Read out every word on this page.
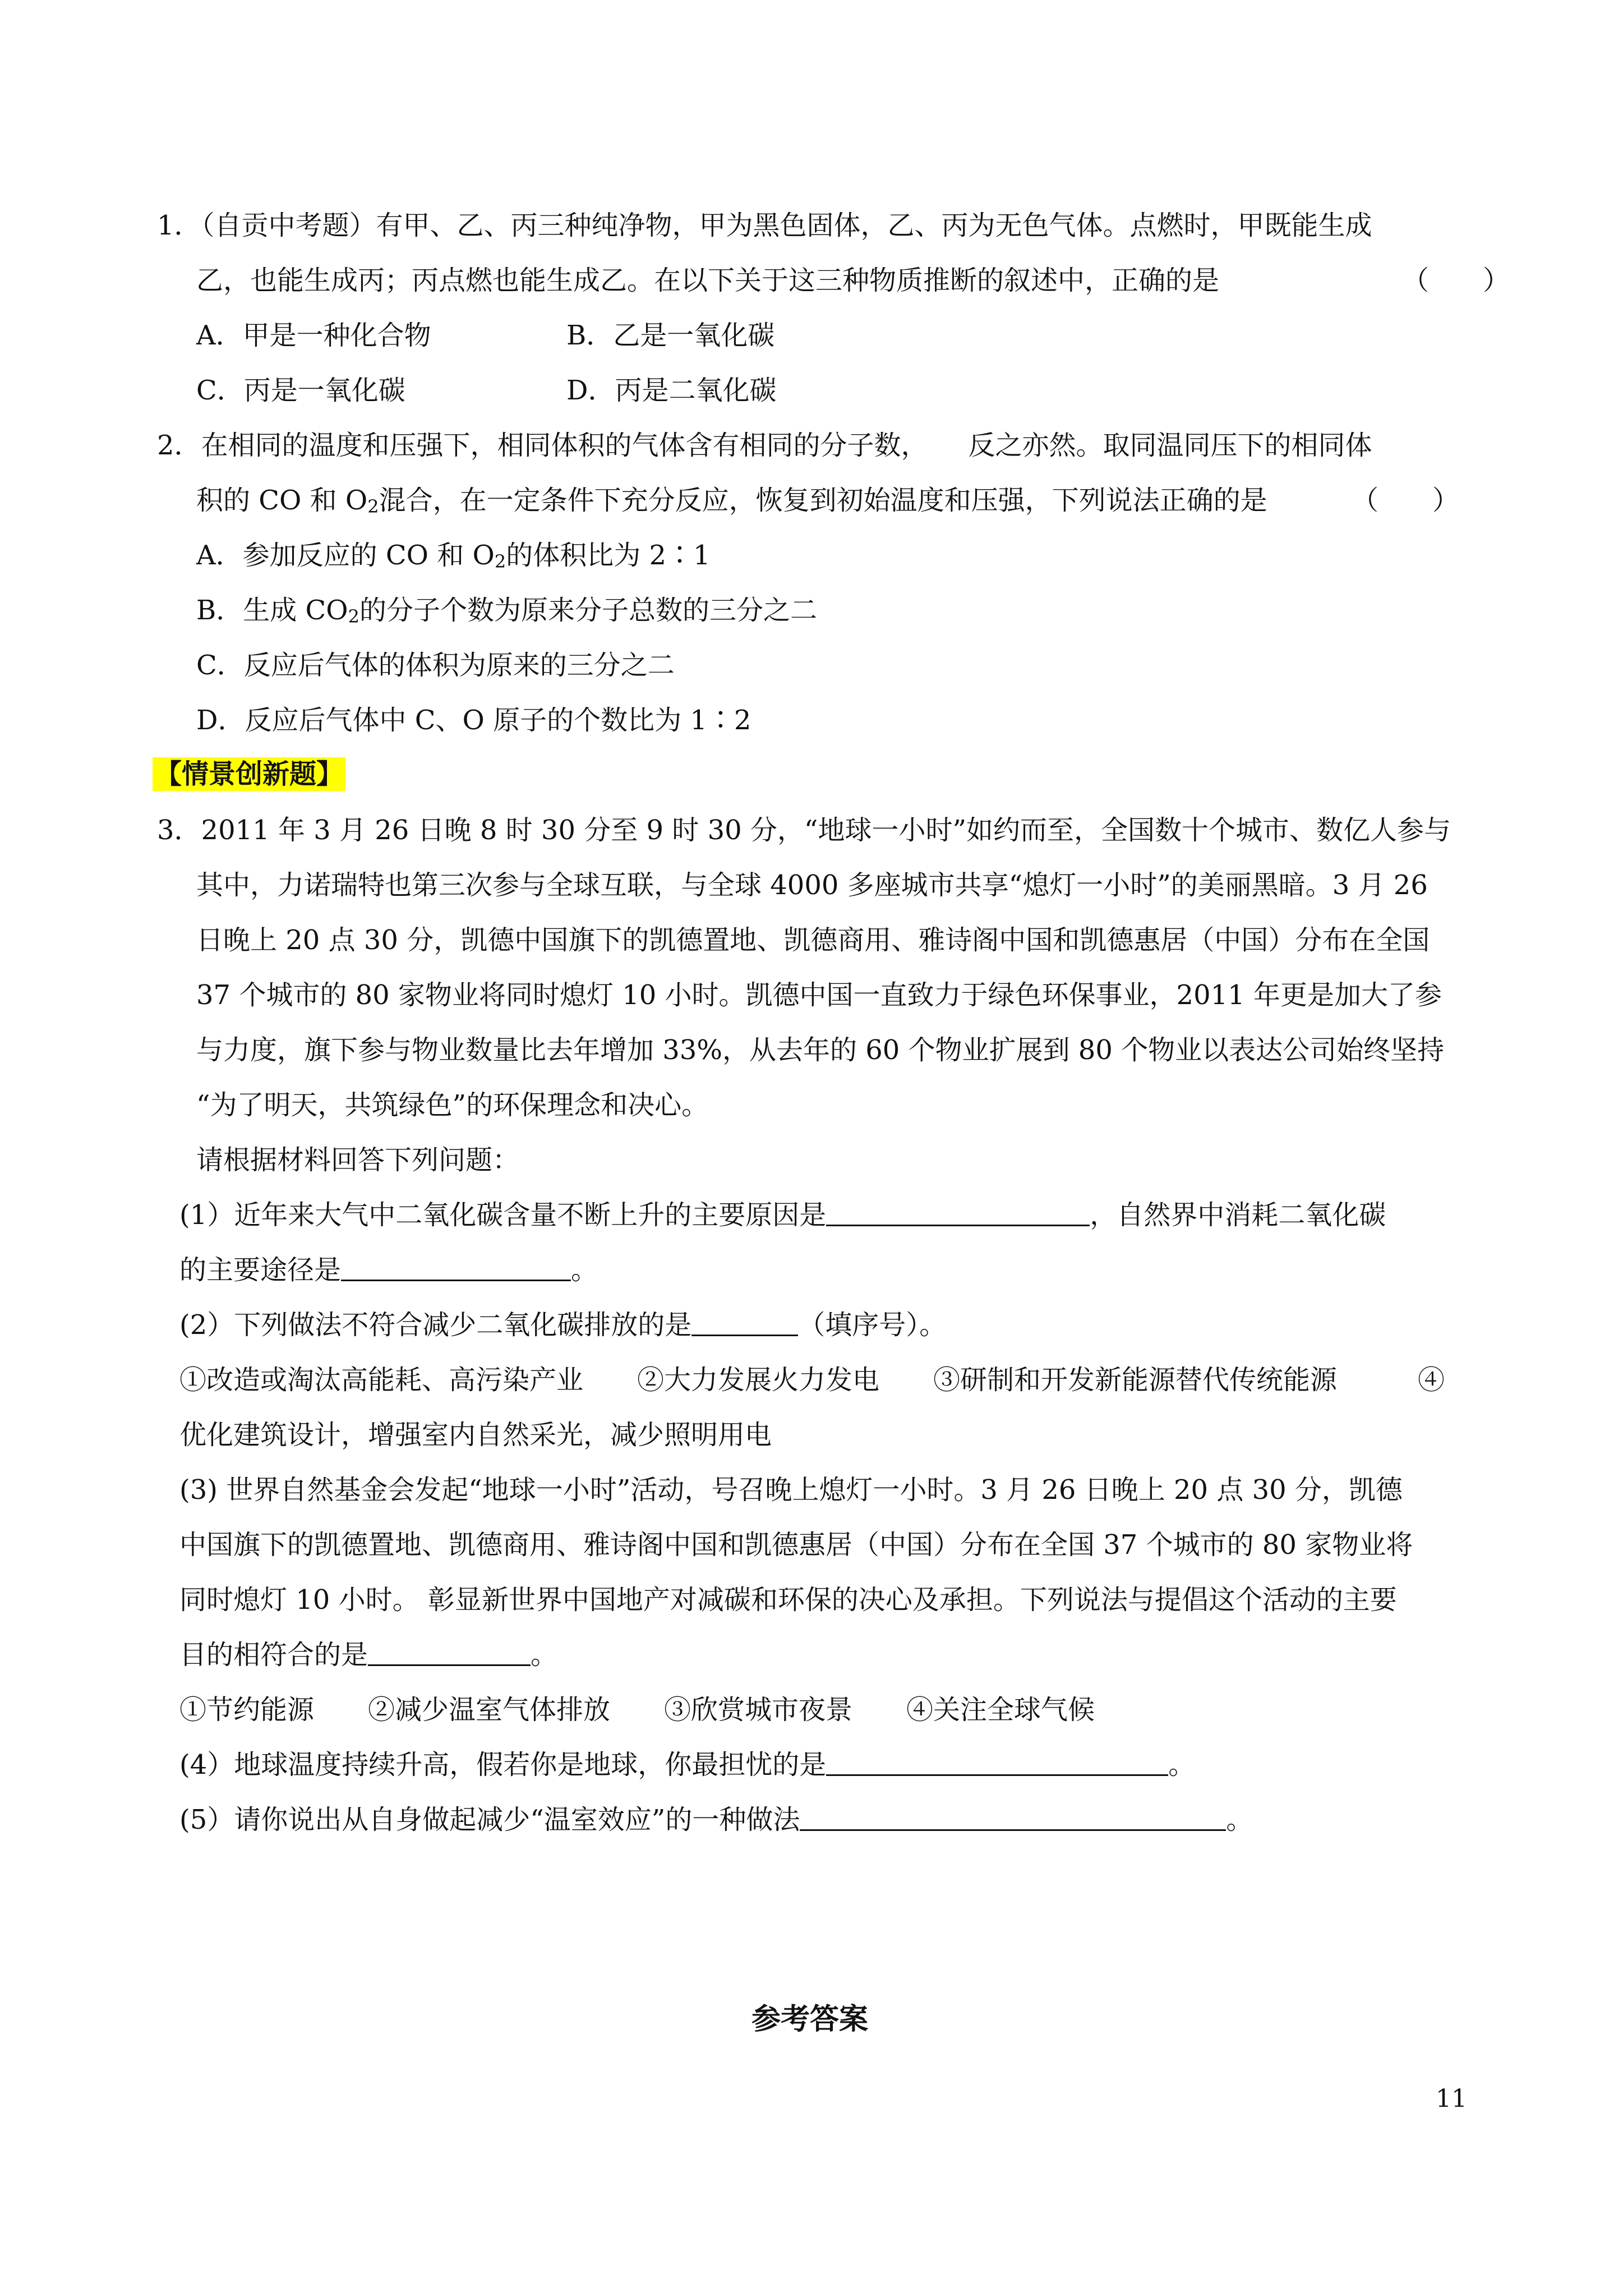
1．（自贡中考题）有甲、乙、丙三种纯净物，甲为黑色固体，乙、丙为无色气体。点燃时，甲既能生成
乙，也能生成丙；丙点燃也能生成乙。在以下关于这三种物质推断的叙述中，正确的是	（　　）
A．甲是一种化合物	B．乙是一氧化碳
C．丙是一氧化碳	D．丙是二氧化碳
2．在相同的温度和压强下，相同体积的气体含有相同的分子数，　　反之亦然。取同温同压下的相同体
积的 CO 和 $O_2$混合，在一定条件下充分反应，恢复到初始温度和压强，下列说法正确的是	（　　）
A．参加反应的 CO 和 $O_2$的体积比为 2∶1
B．生成 $CO_2$的分子个数为原来分子总数的三分之二
C．反应后气体的体积为原来的三分之二
D．反应后气体中 C、O 原子的个数比为 1∶2
【情景创新题】
3．2011 年 3 月 26 日晚 8 时 30 分至 9 时 30 分，“地球一小时”如约而至，全国数十个城市、数亿人参与
其中，力诺瑞特也第三次参与全球互联，与全球 4000 多座城市共享“熄灯一小时”的美丽黑暗。3 月 26
日晚上 20 点 30 分，凯德中国旗下的凯德置地、凯德商用、雅诗阁中国和凯德惠居（中国）分布在全国
37 个城市的 80 家物业将同时熄灯 10 小时。凯德中国一直致力于绿色环保事业，2011 年更是加大了参
与力度，旗下参与物业数量比去年增加 33%，从去年的 60 个物业扩展到 80 个物业以表达公司始终坚持
“为了明天，共筑绿色”的环保理念和决心。
请根据材料回答下列问题：
(1）近年来大气中二氧化碳含量不断上升的主要原因是	，自然界中消耗二氧化碳
的主要途径是	。
(2）下列做法不符合减少二氧化碳排放的是	（填序号）。
①改造或淘汰高能耗、高污染产业　　②大力发展火力发电　　③研制和开发新能源替代传统能源　　　④
优化建筑设计，增强室内自然采光，减少照明用电
(3) 世界自然基金会发起“地球一小时”活动，号召晚上熄灯一小时。3 月 26 日晚上 20 点 30 分，凯德
中国旗下的凯德置地、凯德商用、雅诗阁中国和凯德惠居（中国）分布在全国 37 个城市的 80 家物业将
同时熄灯 10 小时。 彰显新世界中国地产对减碳和环保的决心及承担。下列说法与提倡这个活动的主要
目的相符合的是	。
①节约能源　　②减少温室气体排放　　③欣赏城市夜景　　④关注全球气候
(4）地球温度持续升高，假若你是地球，你最担忧的是	。
(5）请你说出从自身做起减少“温室效应”的一种做法	。
参考答案
11
